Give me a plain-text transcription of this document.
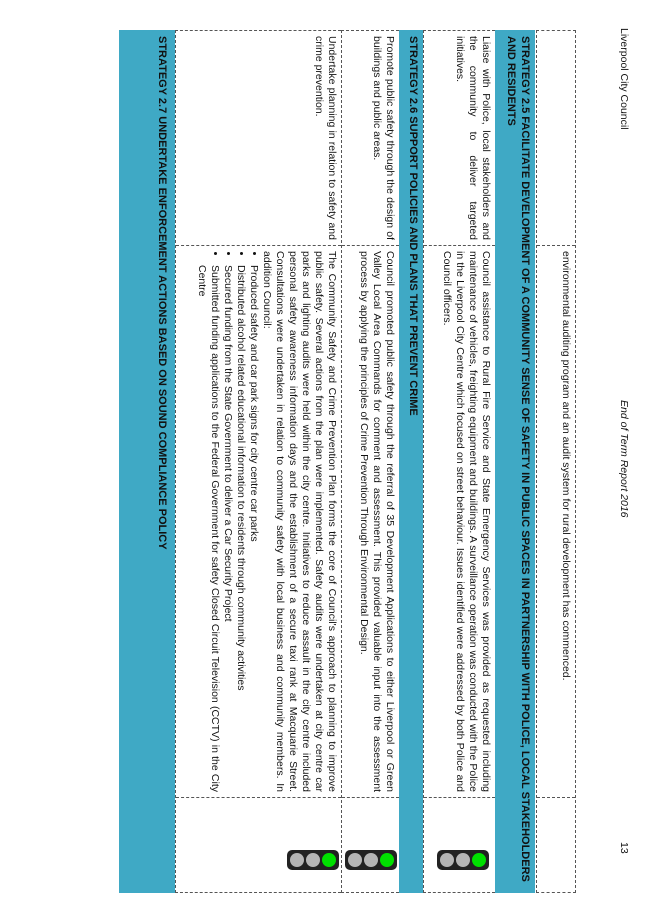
Liverpool City Council
End of Term Report 2016
13
environmental auditing program and an audit system for rural development has commenced.
STRATEGY 2.5 FACILITATE DEVELOPMENT OF A COMMUNITY SENSE OF SAFETY IN PUBLIC SPACES IN PARTNERSHIP WITH POLICE, LOCAL STAKEHOLDERS AND RESIDENTS
Liaise with Police, local stakeholders and the community to deliver targeted initiatives.
Council assistance to Rural Fire Service and State Emergency Services was provided as requested including maintenance of vehicles, freighting equipment and buildings. A surveillance operation was conducted with the Police in the Liverpool City Centre which focused on street behaviour. Issues identified were addressed by both Police and Council officers.
STRATEGY 2.6 SUPPORT POLICIES AND PLANS THAT PREVENT CRIME
Promote public safety through the design of buildings and public areas.
Council promoted public safety through the referral of 35 Development Applications to either Liverpool or Green Valley Local Area Commands for comment and assessment. This provided valuable input into the assessment process by applying the principles of Crime Prevention Through Environmental Design.
Undertake planning in relation to safety and crime prevention.
The Community Safety and Crime Prevention Plan forms the core of Council's approach to planning to improve public safety. Several actions from the plan were implemented. Safety audits were undertaken at city centre car parks and lighting audits were held within the city centre. Initiatives to reduce assault in the city centre included personal safety awareness information days and the establishment of a secure taxi rank at Macquarie Street. Consultations were undertaken in relation to community safety with local business and community members. In addition Council:
• Produced safety and car park signs for city centre car parks
• Distributed alcohol related educational information to residents through community activities
• Secured funding from the State Government to deliver a Car Security Project
• Submitted funding applications to the Federal Government for safety Closed Circuit Television (CCTV) in the City Centre
STRATEGY 2.7 UNDERTAKE ENFORCEMENT ACTIONS BASED ON SOUND COMPLIANCE POLICY
